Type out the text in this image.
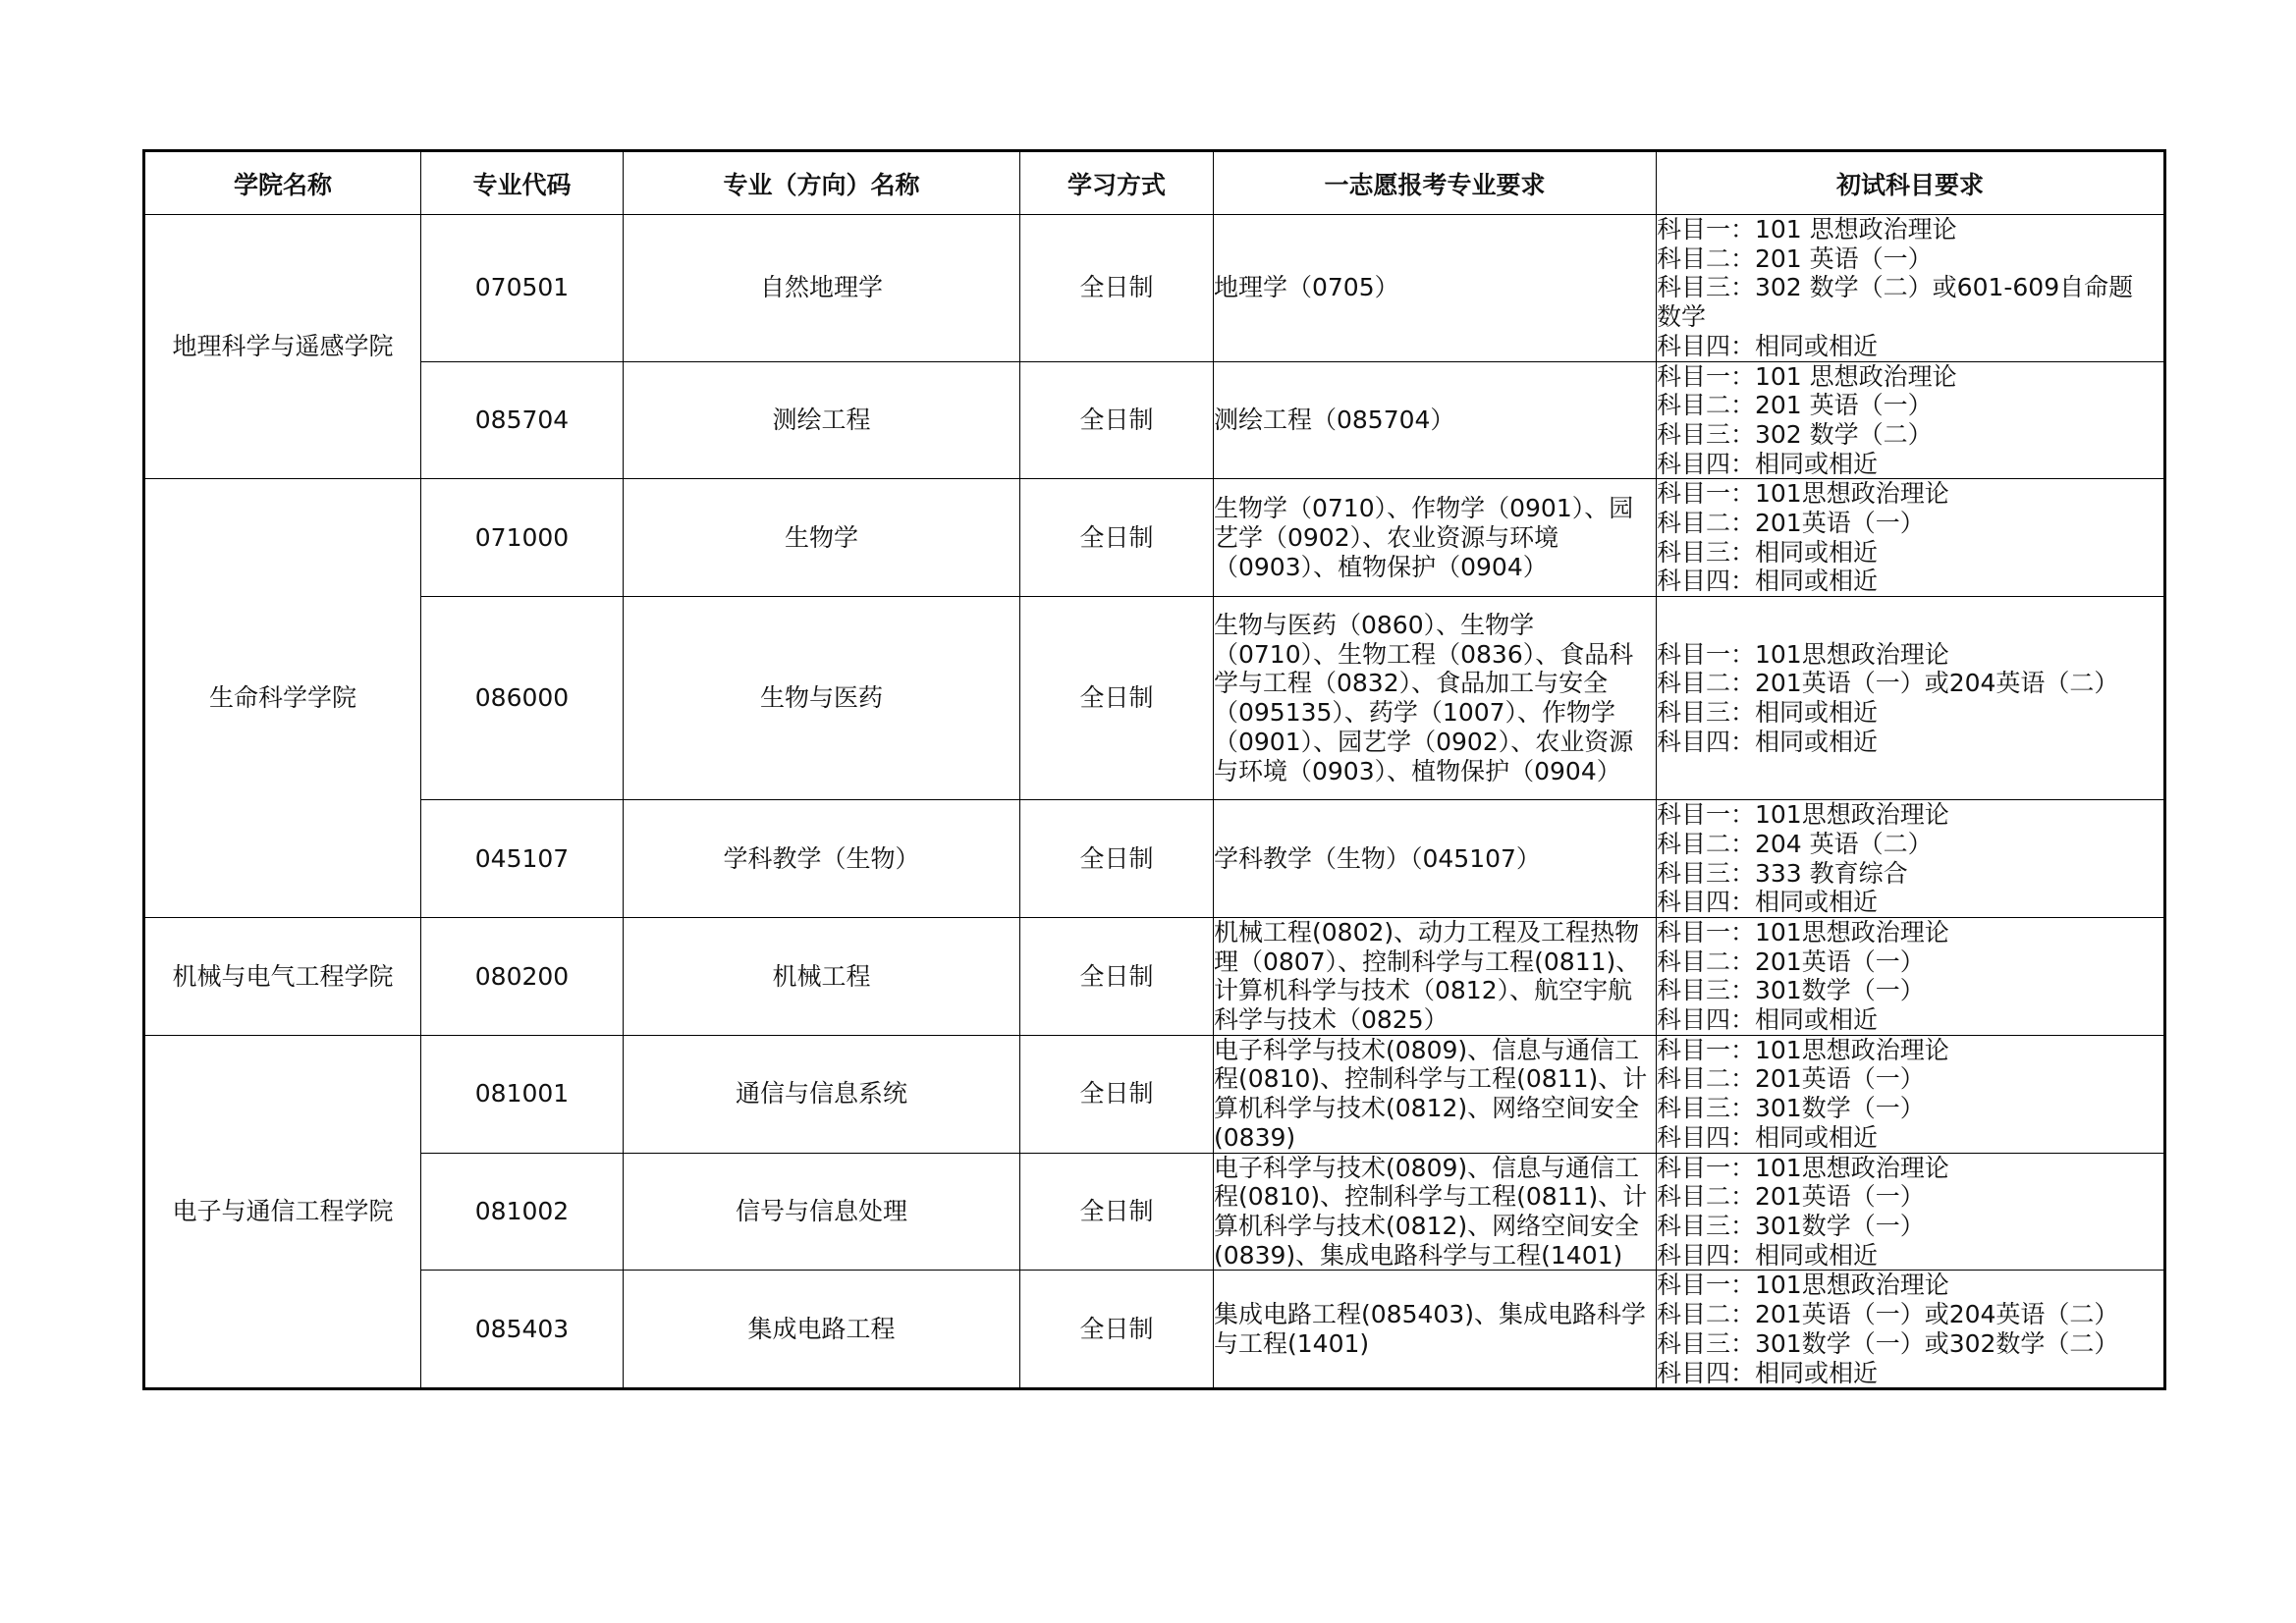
学院名称	专业代码	专业（方向）名称	学习方式	一志愿报考专业要求	初试科目要求
地理科学与遥感学院	070501	自然地理学	全日制	地理学（0705）	科目一：101 思想政治理论
科目二：201 英语（一）
科目三：302 数学（二）或601-609自命题
数学
科目四：相同或相近

	085704	测绘工程	全日制	测绘工程（085704）	科目一：101 思想政治理论
科目二：201 英语（一）
科目三：302 数学（二）
科目四：相同或相近

生命科学学院	071000	生物学	全日制	生物学（0710）、作物学（0901）、园艺学（0902）、农业资源与环境（0903）、植物保护（0904）	科目一：101思想政治理论
科目二：201英语（一）
科目三：相同或相近
科目四：相同或相近

	086000	生物与医药	全日制	生物与医药（0860）、生物学（0710）、生物工程（0836）、食品科学与工程（0832）、食品加工与安全（095135）、药学（1007）、作物学（0901）、园艺学（0902）、农业资源与环境（0903）、植物保护（0904）	科目一：101思想政治理论
科目二：201英语（一）或204英语（二）
科目三：相同或相近
科目四：相同或相近

	045107	学科教学（生物）	全日制	学科教学（生物）（045107）	科目一：101思想政治理论
科目二：204 英语（二）
科目三：333 教育综合
科目四：相同或相近

机械与电气工程学院	080200	机械工程	全日制	机械工程(0802)、动力工程及工程热物理（0807）、控制科学与工程(0811)、计算机科学与技术（0812）、航空宇航科学与技术（0825）	科目一：101思想政治理论
科目二：201英语（一）
科目三：301数学（一）
科目四：相同或相近

电子与通信工程学院	081001	通信与信息系统	全日制	电子科学与技术(0809)、信息与通信工程(0810)、控制科学与工程(0811)、计算机科学与技术(0812)、网络空间安全(0839)	科目一：101思想政治理论
科目二：201英语（一）
科目三：301数学（一）
科目四：相同或相近

	081002	信号与信息处理	全日制	电子科学与技术(0809)、信息与通信工程(0810)、控制科学与工程(0811)、计算机科学与技术(0812)、网络空间安全(0839)、集成电路科学与工程(1401)	科目一：101思想政治理论
科目二：201英语（一）
科目三：301数学（一）
科目四：相同或相近

	085403	集成电路工程	全日制	集成电路工程(085403)、集成电路科学与工程(1401)	科目一：101思想政治理论
科目二：201英语（一）或204英语（二）
科目三：301数学（一）或302数学（二）
科目四：相同或相近
